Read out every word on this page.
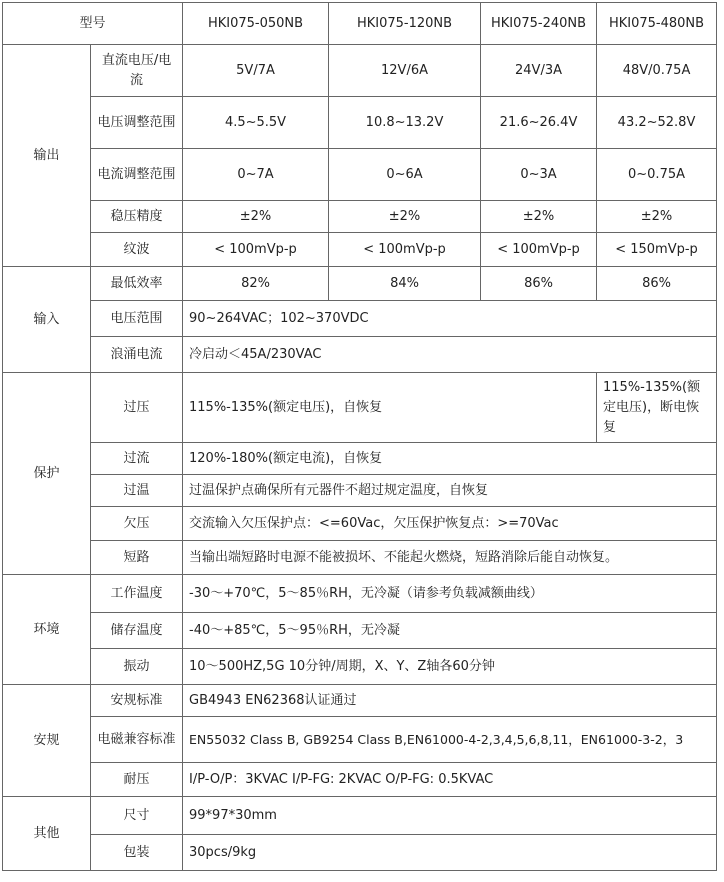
型号		HKI075-050NB	HKI075-120NB	HKI075-240NB	HKI075-480NB
输出	直流电压/电流	5V/7A	12V/6A	24V/3A	48V/0.75A
	电压调整范围	4.5~5.5V	10.8~13.2V	21.6~26.4V	43.2~52.8V
	电流调整范围	0~7A	0~6A	0~3A	0~0.75A
	稳压精度	±2%	±2%	±2%	±2%
	纹波	< 100mVp-p	< 100mVp-p	< 100mVp-p	< 150mVp-p
输入	最低效率	82%	84%	86%	86%
	电压范围	90~264VAC；102~370VDC			
	浪涌电流	冷启动＜45A/230VAC			
保护	过压	115%-135%(额定电压)，自恢复			115%-135%(额定电压)，断电恢复
	过流	120%-180%(额定电流)，自恢复			
	过温	过温保护点确保所有元器件不超过规定温度，自恢复			
	欠压	交流输入欠压保护点：<=60Vac，欠压保护恢复点：>=70Vac			
	短路	当输出端短路时电源不能被损坏、不能起火燃烧，短路消除后能自动恢复。			
环境	工作温度	-30～+70℃，5～85％RH，无冷凝（请参考负载减额曲线）			
	储存温度	-40～+85℃，5～95％RH，无冷凝			
	振动	10～500HZ,5G 10分钟/周期，X、Y、Z轴各60分钟			
安规	安规标准	GB4943 EN62368认证通过			
	电磁兼容标准	EN55032 Class B, GB9254 Class B,EN61000-4-2,3,4,5,6,8,11，EN61000-3-2，3			
	耐压	I/P-O/P：3KVAC I/P-FG: 2KVAC O/P-FG: 0.5KVAC			
其他	尺寸	99*97*30mm			
	包装	30pcs/9kg			
